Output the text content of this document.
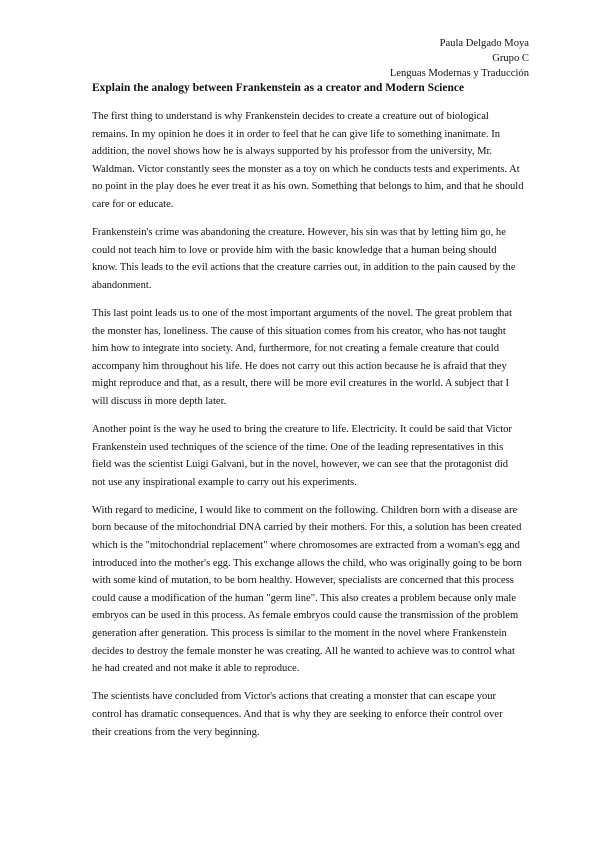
Paula Delgado Moya
Grupo C
Lenguas Modernas y Traducción
Explain the analogy between Frankenstein as a creator and Modern Science

The first thing to understand is why Frankenstein decides to create a creature out of biological remains. In my opinion he does it in order to feel that he can give life to something inanimate. In addition, the novel shows how he is always supported by his professor from the university, Mr. Waldman. Victor constantly sees the monster as a toy on which he conducts tests and experiments. At no point in the play does he ever treat it as his own. Something that belongs to him, and that he should care for or educate.

Frankenstein's crime was abandoning the creature. However, his sin was that by letting him go, he could not teach him to love or provide him with the basic knowledge that a human being should know. This leads to the evil actions that the creature carries out, in addition to the pain caused by the abandonment.

This last point leads us to one of the most important arguments of the novel. The great problem that the monster has, loneliness. The cause of this situation comes from his creator, who has not taught him how to integrate into society. And, furthermore, for not creating a female creature that could accompany him throughout his life. He does not carry out this action because he is afraid that they might reproduce and that, as a result, there will be more evil creatures in the world. A subject that I will discuss in more depth later.

Another point is the way he used to bring the creature to life. Electricity. It could be said that Victor Frankenstein used techniques of the science of the time. One of the leading representatives in this field was the scientist Luigi Galvani, but in the novel, however, we can see that the protagonist did not use any inspirational example to carry out his experiments.

With regard to medicine, I would like to comment on the following. Children born with a disease are born because of the mitochondrial DNA carried by their mothers. For this, a solution has been created which is the "mitochondrial replacement" where chromosomes are extracted from a woman's egg and introduced into the mother's egg. This exchange allows the child, who was originally going to be born with some kind of mutation, to be born healthy. However, specialists are concerned that this process could cause a modification of the human "germ line". This also creates a problem because only male embryos can be used in this process. As female embryos could cause the transmission of the problem generation after generation. This process is similar to the moment in the novel where Frankenstein decides to destroy the female monster he was creating. All he wanted to achieve was to control what he had created and not make it able to reproduce.

The scientists have concluded from Victor's actions that creating a monster that can escape your control has dramatic consequences. And that is why they are seeking to enforce their control over their creations from the very beginning.
